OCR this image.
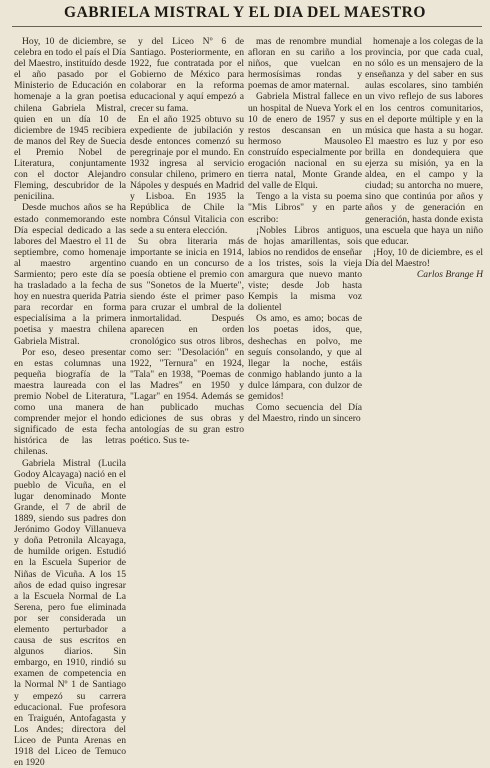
GABRIELA MISTRAL Y EL DIA DEL MAESTRO

Hoy, 10 de diciembre, se celebra en todo el país el Día del Maestro, instituído desde el año pasado por el Ministerio de Educación en homenaje a la gran poetisa chilena Gabriela Mistral, quien en un día 10 de diciembre de 1945 recibiera de manos del Rey de Suecia el Premio Nobel de Literatura, conjuntamente con el doctor Alejandro Fleming, descubridor de la penicilina.

Desde muchos años se ha estado conmemorando este Día especial dedicado a las labores del Maestro el 11 de septiembre, como homenaje al maestro argentino Sarmiento; pero este día se ha trasladado a la fecha de hoy en nuestra querida Patria para recordar en forma especialísima a la primera poetisa y maestra chilena Gabriela Mistral.

Por eso, deseo presentar en estas columnas una pequeña biografía de la maestra laureada con el premio Nobel de Literatura, como una manera de comprender mejor el hondo significado de esta fecha histórica de las letras chilenas.

Gabriela Mistral (Lucila Godoy Alcayaga) nació en el pueblo de Vicuña, en el lugar denominado Monte Grande, el 7 de abril de 1889, siendo sus padres don Jerónimo Godoy Villanueva y doña Petronila Alcayaga, de humilde origen. Estudió en la Escuela Superior de Niñas de Vicuña. A los 15 años de edad quiso ingresar a la Escuela Normal de La Serena, pero fue eliminada por ser considerada un elemento perturbador a causa de sus escritos en algunos diarios. Sin embargo, en 1910, rindió su examen de competencia en la Normal Nº 1 de Santiago y empezó su carrera educacional. Fue profesora en Traiguén, Antofagasta y Los Andes; directora del Liceo de Punta Arenas en 1918 del Liceo de Temuco en 1920

y del Liceo Nº 6 de Santiago. Posteriormente, en 1922, fue contratada por el Gobierno de México para colaborar en la reforma educacional y aquí empezó a crecer su fama.

En el año 1925 obtuvo su expediente de jubilación y desde entonces comenzó su peregrinaje por el mundo. En 1932 ingresa al servicio consular chileno, primero en Nápoles y después en Madrid y Lisboa. En 1935 la República de Chile la nombra Cónsul Vitalicia con sede a su entera elección.

Su obra literaria más importante se inicia en 1914, cuando en un concurso de poesía obtiene el premio con sus "Sonetos de la Muerte", siendo éste el primer paso para cruzar el umbral de la inmortalidad. Después aparecen en orden cronológico sus otros libros, como ser: "Desolación" en 1922, "Ternura" en 1924, "Tala" en 1938, "Poemas de las Madres" en 1950 y "Lagar" en 1954. Además se han publicado muchas ediciones de sus obras y antologías de su gran estro poético. Sus te-

mas de renombre mundial afloran en su cariño a los niños, que vuelcan en hermosísimas rondas y poemas de amor maternal.

Gabriela Mistral fallece en un hospital de Nueva York el 10 de enero de 1957 y sus restos descansan en un hermoso Mausoleo construído especialmente por erogación nacional en su tierra natal, Monte Grande del valle de Elqui.

Tengo a la vista su poema "Mis Libros" y en parte escribo:

¡Nobles Libros antiguos, de hojas amarillentas, sois labios no rendidos de enseñar a los tristes, sois la vieja amargura que nuevo manto viste; desde Job hasta Kempis la misma voz dolientel

Os amo, es amo; bocas de los poetas idos, que, deshechas en polvo, me seguís consolando, y que al llegar la noche, estáis conmigo hablando junto a la dulce lámpara, con dulzor de gemidos!

Como secuencia del Día del Maestro, rindo un sincero

homenaje a los colegas de la provincia, por que cada cual, no sólo es un mensajero de la enseñanza y del saber en sus aulas escolares, sino también un vivo reflejo de sus labores en los centros comunitarios, en el deporte múltiple y en la música que hasta a su hogar. El maestro es luz y por eso brilla en dondequiera que ejerza su misión, ya en la aldea, en el campo y la ciudad; su antorcha no muere, sino que continúa por años y años y de generación en generación, hasta donde exista una escuela que haya un niño que educar.

¡Hoy, 10 de diciembre, es el Día del Maestro!

Carlos Brange H
